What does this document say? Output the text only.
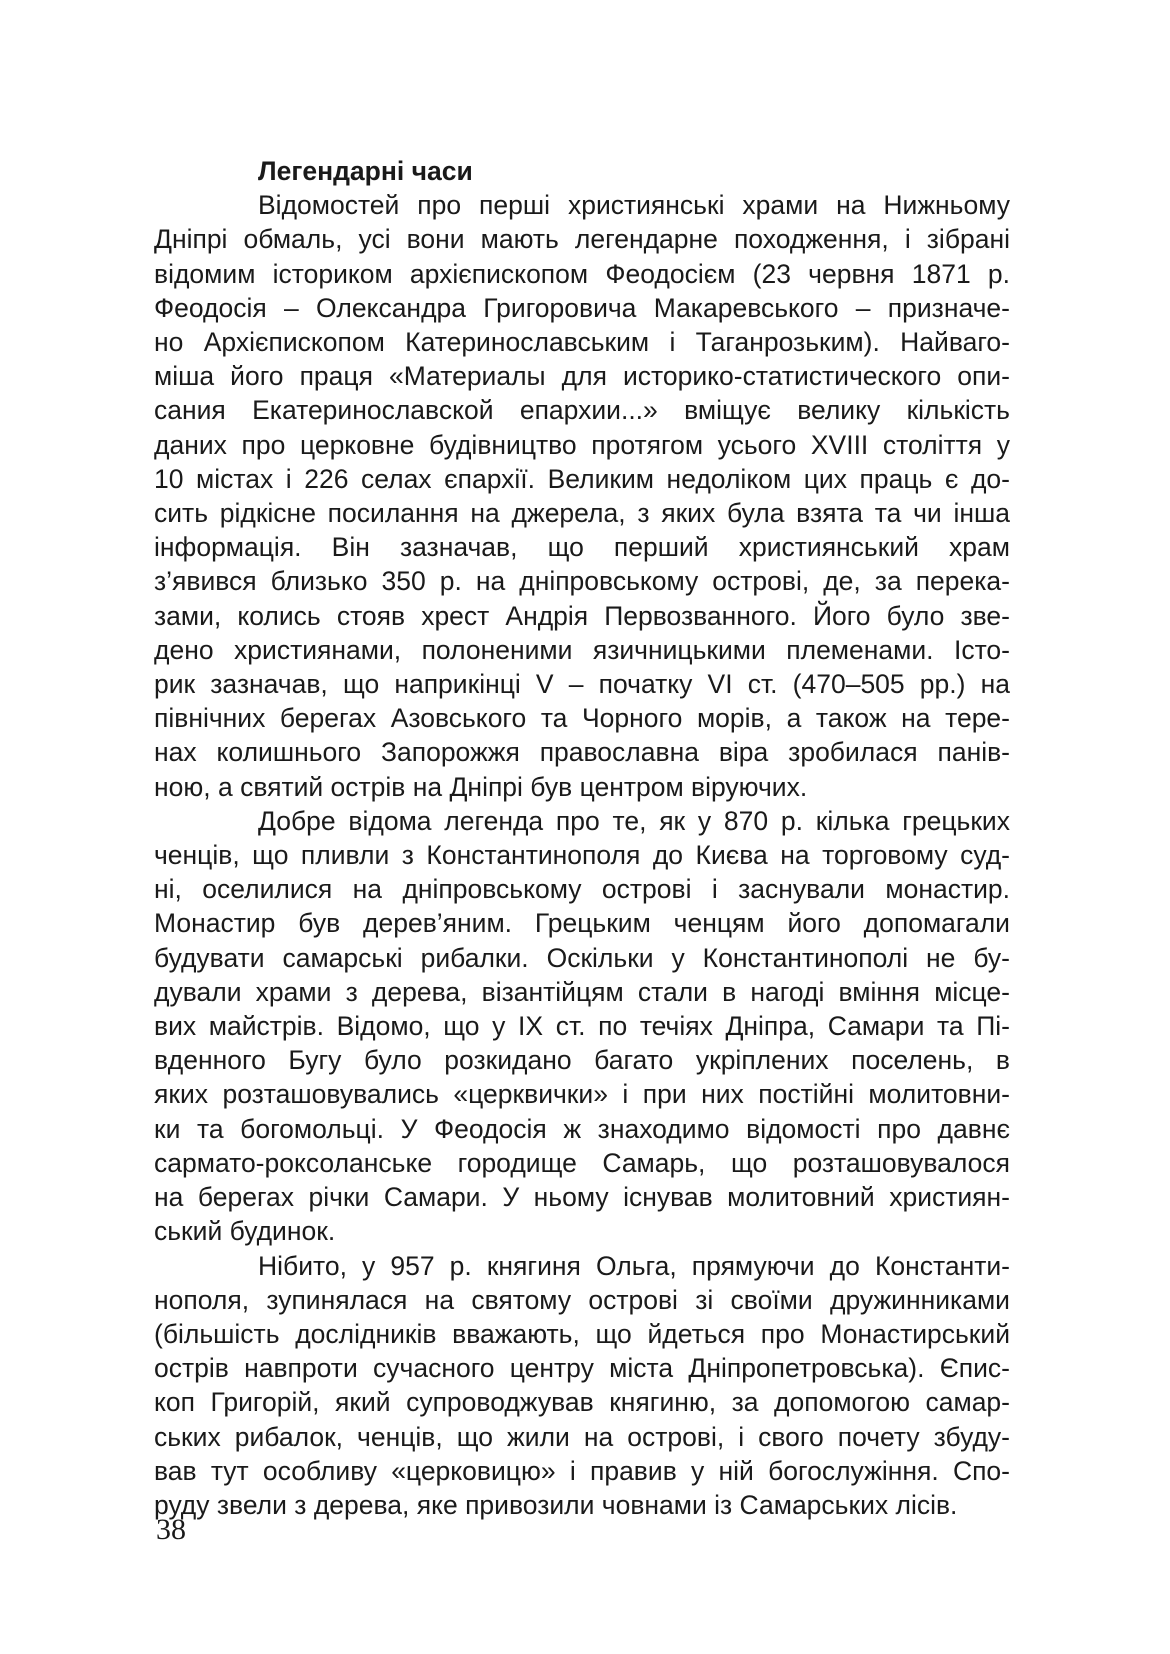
Легендарні часи
Відомостей про перші християнські храми на Нижньому
Дніпрі обмаль, усі вони мають легендарне походження, і зібрані
відомим істориком архієпископом Феодосієм (23 червня 1871 р.
Феодосія – Олександра Григоровича Макаревського – призначе-
но Архієпископом Катеринославським і Таганрозьким). Найваго-
міша його праця «Материалы для историко-статистического опи-
сания Екатеринославской епархии...» вміщує велику кількість
даних про церковне будівництво протягом усього XVIII століття у
10 містах і 226 селах єпархії. Великим недоліком цих праць є до-
сить рідкісне посилання на джерела, з яких була взята та чи інша
інформація. Він зазначав, що перший християнський храм
з’явився близько 350 р. на дніпровському острові, де, за перека-
зами, колись стояв хрест Андрія Первозванного. Його було зве-
дено християнами, полоненими язичницькими племенами. Істо-
рик зазначав, що наприкінці V – початку VI ст. (470–505 рр.) на
північних берегах Азовського та Чорного морів, а також на тере-
нах колишнього Запорожжя православна віра зробилася панів-
ною, а святий острів на Дніпрі був центром віруючих.
Добре відома легенда про те, як у 870 р. кілька грецьких
ченців, що пливли з Константинополя до Києва на торговому суд-
ні, оселилися на дніпровському острові і заснували монастир.
Монастир був дерев’яним. Грецьким ченцям його допомагали
будувати самарські рибалки. Оскільки у Константинополі не бу-
дували храми з дерева, візантійцям стали в нагоді вміння місце-
вих майстрів. Відомо, що у IX ст. по течіях Дніпра, Самари та Пі-
вденного Бугу було розкидано багато укріплених поселень, в
яких розташовувались «церквички» і при них постійні молитовни-
ки та богомольці. У Феодосія ж знаходимо відомості про давнє
сармато-роксоланське городище Самарь, що розташовувалося
на берегах річки Самари. У ньому існував молитовний християн-
ський будинок.
Нібито, у 957 р. княгиня Ольга, прямуючи до Константи-
нополя, зупинялася на святому острові зі своїми дружинниками
(більшість дослідників вважають, що йдеться про Монастирський
острів навпроти сучасного центру міста Дніпропетровська). Єпис-
коп Григорій, який супроводжував княгиню, за допомогою самар-
ських рибалок, ченців, що жили на острові, і свого почету збуду-
вав тут особливу «церковицю» і правив у ній богослужіння. Спо-
руду звели з дерева, яке привозили човнами із Самарських лісів.
38
